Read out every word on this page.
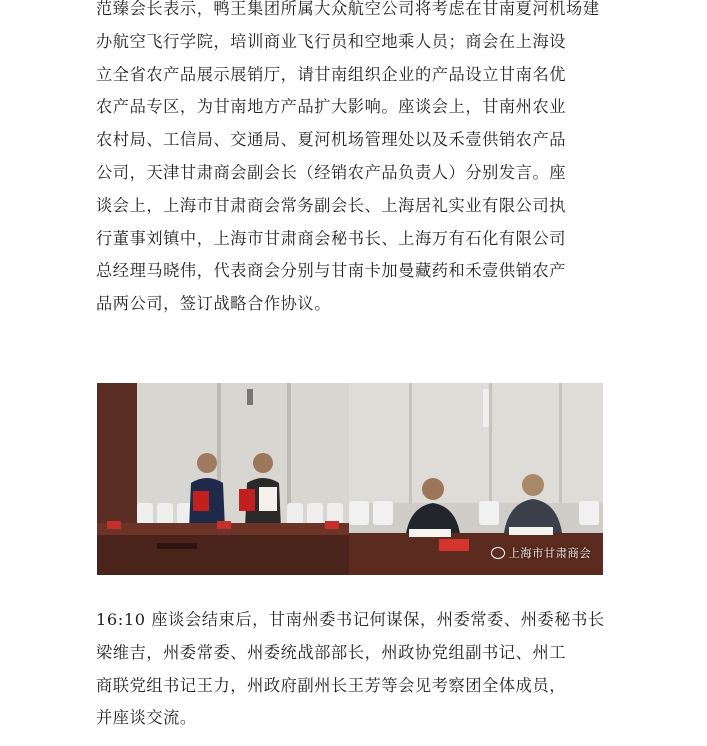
范臻会长表示，鸭王集团所属大众航空公司将考虑在甘南夏河机场建
办航空飞行学院，培训商业飞行员和空地乘人员；商会在上海设
立全省农产品展示展销厅，请甘南组织企业的产品设立甘南名优
农产品专区，为甘南地方产品扩大影响。座谈会上，甘南州农业
农村局、工信局、交通局、夏河机场管理处以及禾壹供销农产品
公司，天津甘肃商会副会长（经销农产品负责人）分别发言。座
谈会上，上海市甘肃商会常务副会长、上海居礼实业有限公司执
行董事刘镇中，上海市甘肃商会秘书长、上海万有石化有限公司
总经理马晓伟，代表商会分别与甘南卡加曼藏药和禾壹供销农产
品两公司，签订战略合作协议。
上海市甘肃商会
16:10 座谈会结束后，甘南州委书记何谋保，州委常委、州委秘书长
梁维吉，州委常委、州委统战部部长，州政协党组副书记、州工
商联党组书记王力，州政府副州长王芳等会见考察团全体成员，
并座谈交流。
